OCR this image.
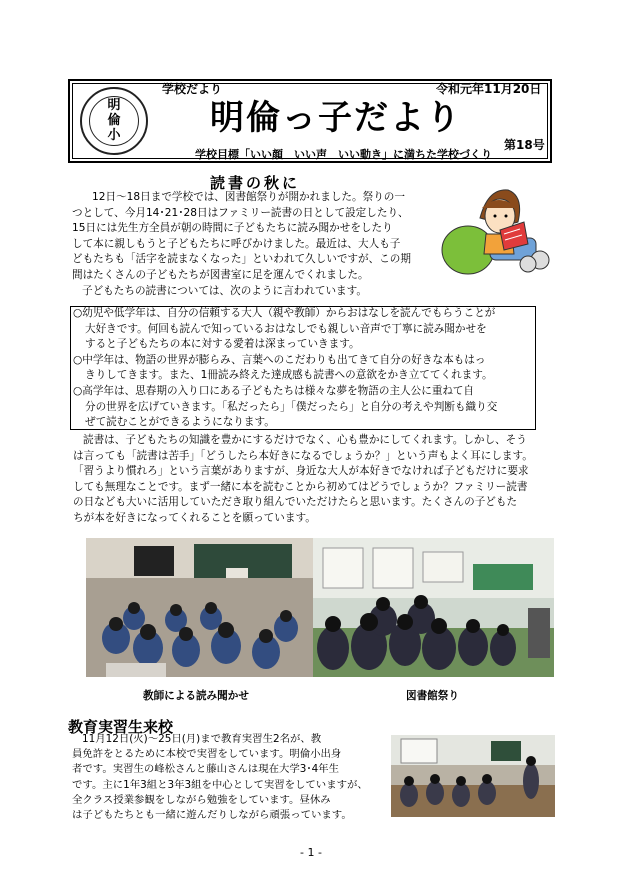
明
倫
小
学校だより	令和元年11月20日
明倫っ子だより
第18号
学校目標「いい顔　いい声　いい動き」に満ちた学校づくり
読書の秋に
12日～18日まで学校では、図書館祭りが開かれました。祭りの一
つとして、今月14･21･28日はファミリー読書の日として設定したり、
15日には先生方全員が朝の時間に子どもたちに読み聞かせをしたり
して本に親しもうと子どもたちに呼びかけました。最近は、大人も子
どもたちも「活字を読まなくなった」といわれて久しいですが、この期
間はたくさんの子どもたちが図書室に足を運んでくれました。
子どもたちの読書については、次のように言われています。
○幼児や低学年は、自分の信頼する大人（親や教師）からおはなしを読んでもらうことが
大好きです。何回も読んで知っているおはなしでも親しい音声で丁寧に読み聞かせを
すると子どもたちの本に対する愛着は深まっていきます。
○中学年は、物語の世界が膨らみ、言葉へのこだわりも出てきて自分の好きな本もはっ
きりしてきます。また、1冊読み終えた達成感も読書への意欲をかき立ててくれます。
○高学年は、思春期の入り口にある子どもたちは様々な夢を物語の主人公に重ねて自
分の世界を広げていきます。「私だったら」「僕だったら」と自分の考えや判断も織り交
ぜて読むことができるようになります。
読書は、子どもたちの知識を豊かにするだけでなく、心も豊かにしてくれます。しかし、そう
は言っても「読書は苦手」「どうしたら本好きになるでしょうか？」という声もよく耳にします。
「習うより慣れろ」という言葉がありますが、身近な大人が本好きでなければ子どもだけに要求
しても無理なことです。まず一緒に本を読むことから初めてはどうでしょうか？ファミリー読書
の日なども大いに活用していただき取り組んでいただけたらと思います。たくさんの子どもた
ちが本を好きになってくれることを願っています。
教師による読み聞かせ	図書館祭り
教育実習生来校
11月12日(火)～25日(月)まで教育実習生2名が、教
員免許をとるために本校で実習をしています。明倫小出身
者です。実習生の峰松さんと藤山さんは現在大学3･4年生
です。主に1年3組と3年3組を中心として実習をしていますが、
全クラス授業参観をしながら勉強をしています。昼休み
は子どもたちとも一緒に遊んだりしながら頑張っています。
- 1 -
